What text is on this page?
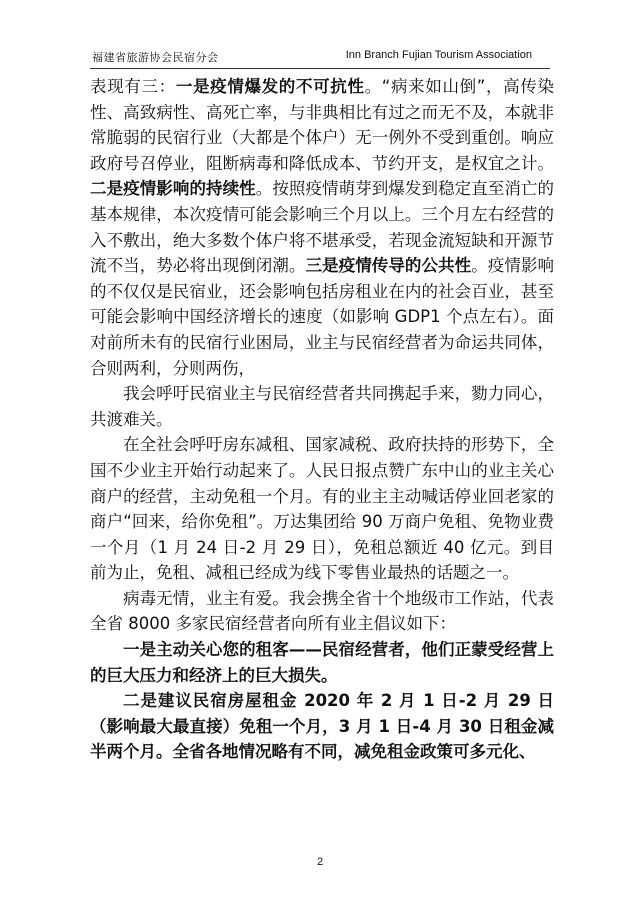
福建省旅游协会民宿分会	Inn Branch Fujian Tourism Association

表现有三：一是疫情爆发的不可抗性。“病来如山倒”，高传染性、高致病性、高死亡率，与非典相比有过之而无不及，本就非常脆弱的民宿行业（大都是个体户）无一例外不受到重创。响应政府号召停业，阻断病毒和降低成本、节约开支，是权宜之计。二是疫情影响的持续性。按照疫情萌芽到爆发到稳定直至消亡的基本规律，本次疫情可能会影响三个月以上。三个月左右经营的入不敷出，绝大多数个体户将不堪承受，若现金流短缺和开源节流不当，势必将出现倒闭潮。三是疫情传导的公共性。疫情影响的不仅仅是民宿业，还会影响包括房租业在内的社会百业，甚至可能会影响中国经济增长的速度（如影响 GDP1 个点左右）。面对前所未有的民宿行业困局，业主与民宿经营者为命运共同体，合则两利，分则两伤，

我会呼吁民宿业主与民宿经营者共同携起手来，勠力同心，共渡难关。

在全社会呼吁房东减租、国家减税、政府扶持的形势下，全国不少业主开始行动起来了。人民日报点赞广东中山的业主关心商户的经营，主动免租一个月。有的业主主动喊话停业回老家的商户“回来，给你免租”。万达集团给 90 万商户免租、免物业费一个月（1 月 24 日-2 月 29 日），免租总额近 40 亿元。到目前为止，免租、减租已经成为线下零售业最热的话题之一。

病毒无情，业主有爱。我会携全省十个地级市工作站，代表全省 8000 多家民宿经营者向所有业主倡议如下：

一是主动关心您的租客——民宿经营者，他们正蒙受经营上的巨大压力和经济上的巨大损失。

二是建议民宿房屋租金 2020 年 2 月 1 日-2 月 29 日（影响最大最直接）免租一个月，3 月 1 日-4 月 30 日租金减半两个月。全省各地情况略有不同，减免租金政策可多元化、

2
